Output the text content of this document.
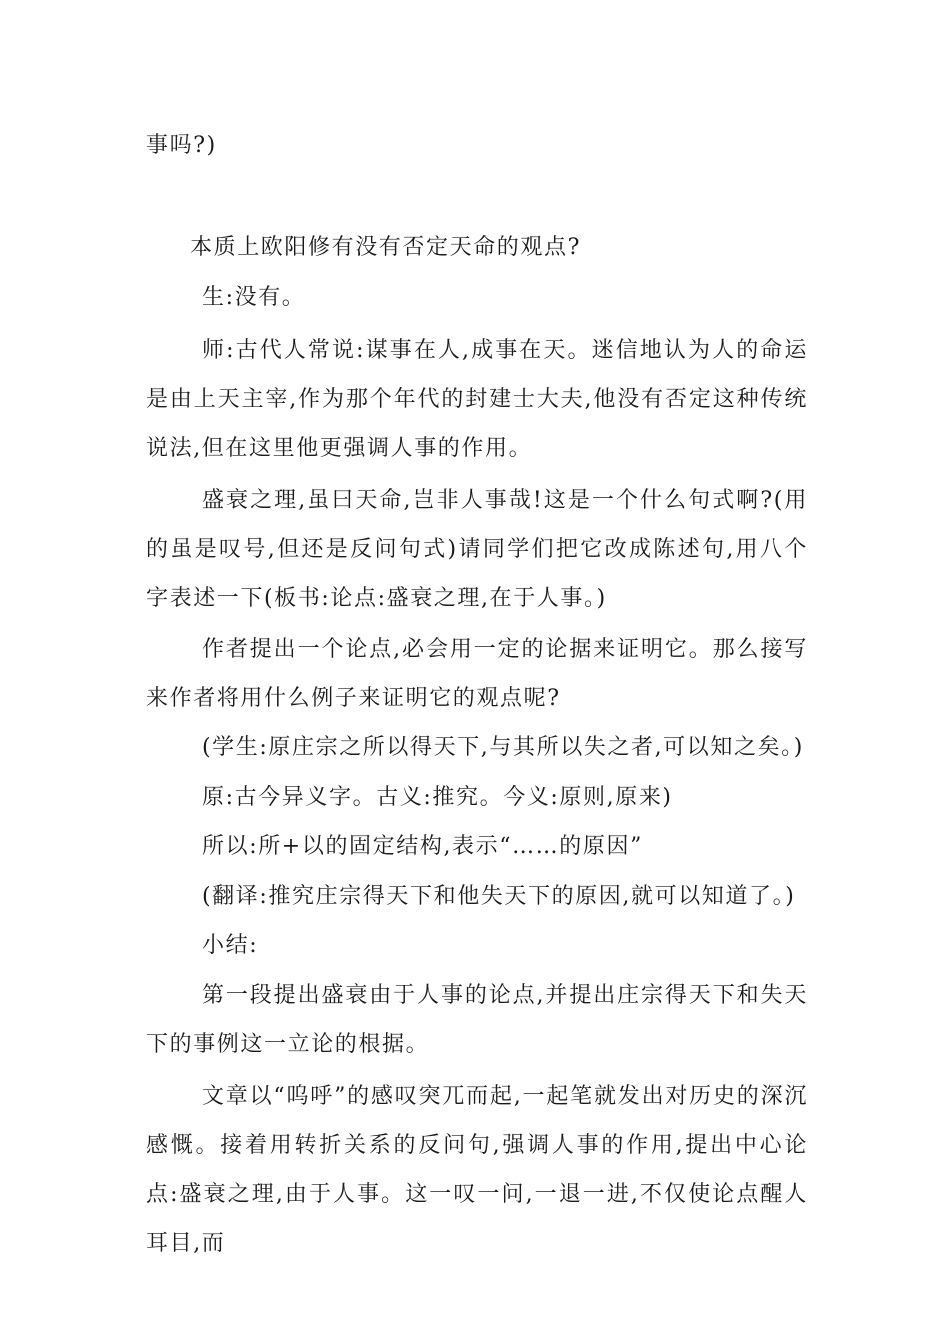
事吗?)

本质上欧阳修有没有否定天命的观点?

生:没有。

师:古代人常说:谋事在人,成事在天。迷信地认为人的命运是由上天主宰,作为那个年代的封建士大夫,他没有否定这种传统说法,但在这里他更强调人事的作用。

盛衰之理,虽曰天命,岂非人事哉!这是一个什么句式啊?(用的虽是叹号,但还是反问句式)请同学们把它改成陈述句,用八个字表述一下(板书:论点:盛衰之理,在于人事。)

作者提出一个论点,必会用一定的论据来证明它。那么接写来作者将用什么例子来证明它的观点呢?

(学生:原庄宗之所以得天下,与其所以失之者,可以知之矣。)

原:古今异义字。古义:推究。今义:原则,原来)

所以:所+以的固定结构,表示“……的原因”

(翻译:推究庄宗得天下和他失天下的原因,就可以知道了。)

小结:

第一段提出盛衰由于人事的论点,并提出庄宗得天下和失天下的事例这一立论的根据。

文章以“呜呼”的感叹突兀而起,一起笔就发出对历史的深沉感慨。接着用转折关系的反问句,强调人事的作用,提出中心论点:盛衰之理,由于人事。这一叹一问,一退一进,不仅使论点醒人耳目,而
